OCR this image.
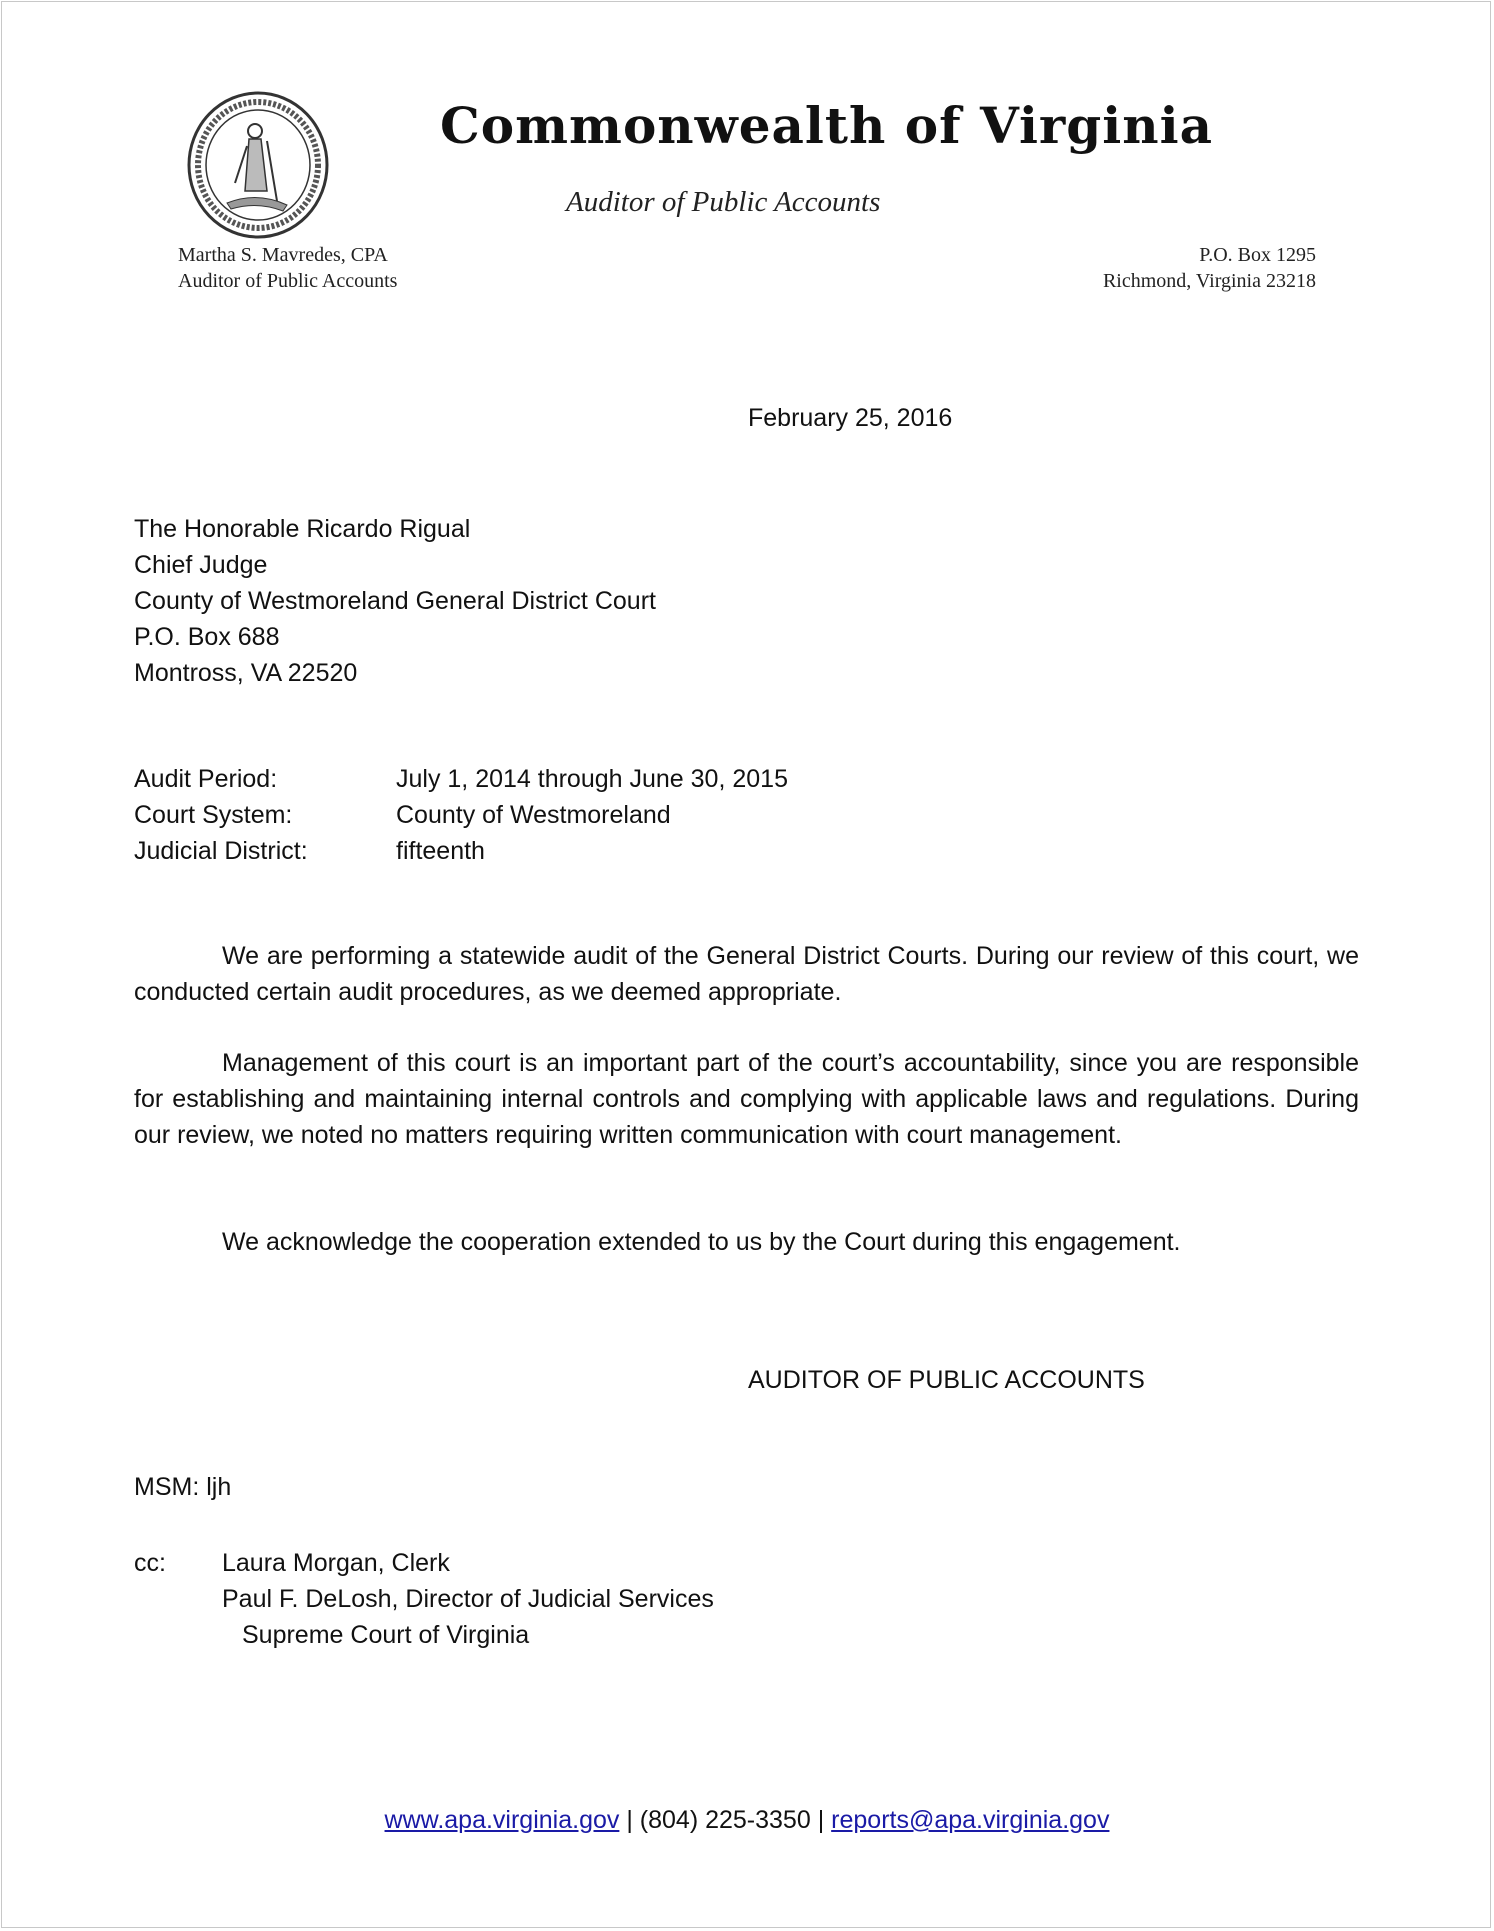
Commonwealth of Virginia
Auditor of Public Accounts
Martha S. Mavredes, CPA
Auditor of Public Accounts
P.O. Box 1295
Richmond, Virginia 23218
February 25, 2016
The Honorable Ricardo Rigual
Chief Judge
County of Westmoreland General District Court
P.O. Box 688
Montross, VA 22520
Audit Period:	July 1, 2014 through June 30, 2015
Court System:	County of Westmoreland
Judicial District:	fifteenth

We are performing a statewide audit of the General District Courts. During our review of this court, we conducted certain audit procedures, as we deemed appropriate.

Management of this court is an important part of the court’s accountability, since you are responsible for establishing and maintaining internal controls and complying with applicable laws and regulations. During our review, we noted no matters requiring written communication with court management.

We acknowledge the cooperation extended to us by the Court during this engagement.

AUDITOR OF PUBLIC ACCOUNTS
MSM: ljh
cc:	Laura Morgan, Clerk
Paul F. DeLosh, Director of Judicial Services
Supreme Court of Virginia
www.apa.virginia.gov | (804) 225-3350 | reports@apa.virginia.gov
